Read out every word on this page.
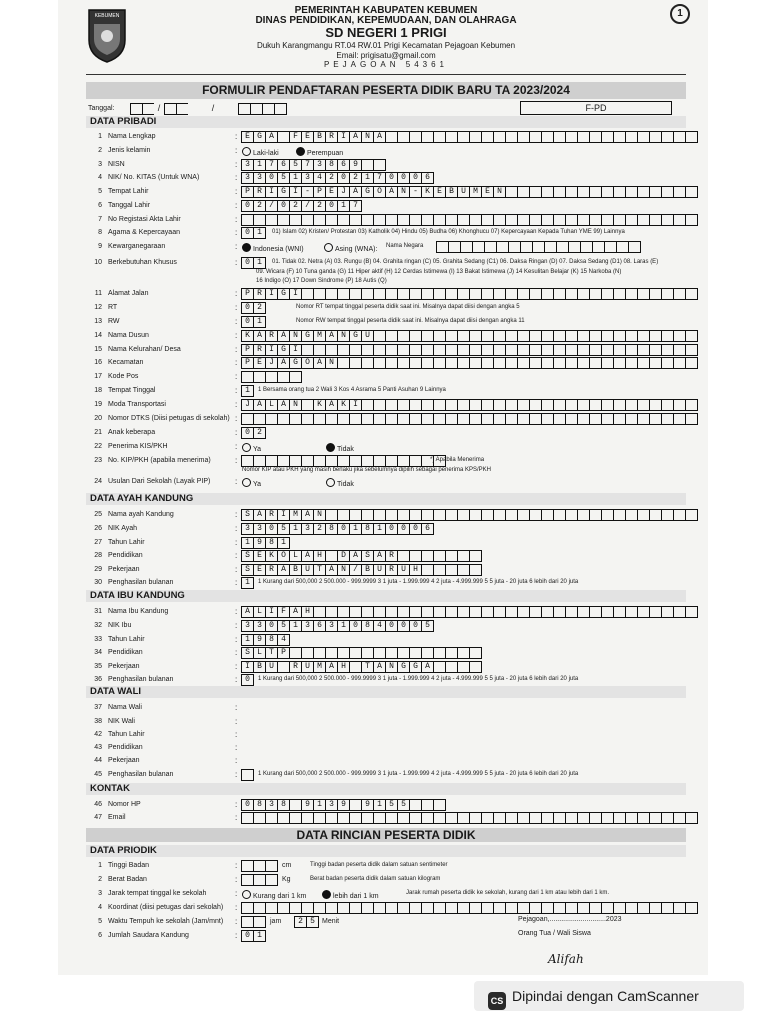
KEBUMEN	PEMERINTAH KABUPATEN KEBUMEN
DINAS PENDIDIKAN, KEPEMUDAAN, DAN OLAHRAGA
SD NEGERI 1 PRIGI
Dukuh Karangmangu RT.04 RW.01 Prigi Kecamatan Pejagoan Kebumen
Email: prigisatu@gmail.com
PEJAGOAN 54361
1
FORMULIR PENDAFTARAN PESERTA DIDIK BARU TA 2023/2024
Tanggal:	/	/	F-PD
DATA PRIBADI
1 Nama Lengkap	: E G A	F E B R I A N A
2 Jenis kelamin	:	Laki-laki	Perempuan
3 NISN	: 3 1 7 6 5 7 3 8 6 9
4 NIK/ No. KITAS (Untuk WNA)	: 3 3 0 5 1 3 4 2 0 2 1 7 0 0 0 6
5 Tempat Lahir	: P R I G I - P E J A G O A N - K E B U M E N
6 Tanggal Lahir	: 0 2 / 0 2 / 2 0 1 7
7 No Registasi Akta Lahir	:
8 Agama & Kepercayaan	: 0 1	01) Islam 02) Kristen/ Protestan 03) Katholik 04) Hindu 05) Budha 06) Khonghucu 07) Kepercayaan Kepada Tuhan YME 99) Lainnya
9 Kewarganegaraan	:	Indonesia (WNI)	Asing (WNA): Nama Negara
10 Berkebutuhan Khusus	: 0 1	01. Tidak 02. Netra (A) 03. Rungu (B) 04. Grahita ringan (C) 05. Grahita Sedang (C1) 06. Daksa Ringan (D) 07. Daksa Sedang (D1) 08. Laras (E)
09. Wicara (F) 10 Tuna ganda (G) 11 Hiper aktif (H) 12 Cerdas Istimewa (I) 13 Bakat Istimewa (J) 14 Kesulitan Belajar (K) 15 Narkoba (N)
16 Indigo (O) 17 Down Sindrome (P) 18 Autis (Q)
11 Alamat Jalan	: P R I G I
12 RT	: 0 2	Nomor RT tempat tinggal peserta didik saat ini. Misalnya dapat diisi dengan angka 5
13 RW	: 0 1	Nomor RW tempat tinggal peserta didik saat ini. Misalnya dapat diisi dengan angka 11
14 Nama Dusun	: K A R A N G M A N G U
15 Nama Kelurahan/ Desa	: P R I G I
16 Kecamatan	: P E J A G O A N
17 Kode Pos	:
18 Tempat Tinggal	: 1	1 Bersama orang tua 2 Wali 3 Kos 4 Asrama 5 Panti Asuhan 9 Lainnya
19 Moda Transportasi	: J A L A N	K A K I
20 Nomor DTKS (Diisi petugas di sekolah) :
21 Anak keberapa	: 0 2
22 Penerima KIS/PKH	:	Ya	Tidak
23 No. KIP/PKH (apabila menerima)	:	*) Apabila Menerima
Nomor KIP atau PKH yang masih berlaku jika sebelumnya dipilih sebagai penerima KPS/PKH
24 Usulan Dari Sekolah (Layak PIP)	:	Ya	Tidak
DATA AYAH KANDUNG
25 Nama ayah Kandung	: S A R I M A N
26 NIK Ayah	: 3 3 0 5 1 3 2 8 0 1 8 1 0 0 0 6
27 Tahun Lahir	: 1 9 8 1
28 Pendidikan	: S E K O L A H	D A S A R
29 Pekerjaan	: S E R A B U T A N / B U R U H
30 Penghasilan bulanan	: 1	1 Kurang dari 500,000 2 500.000 - 999.9999 3 1 juta - 1.999.999 4 2 juta - 4.999.999 5 5 juta - 20 juta 6 lebih dari 20 juta
DATA IBU KANDUNG
31 Nama Ibu Kandung	: A L I F A H
32 NIK Ibu	: 3 3 0 5 1 3 6 3 1 0 8 4 0 0 0 5
33 Tahun Lahir	: 1 9 8 4
34 Pendidikan	: S L T P
35 Pekerjaan	: I B U	R U M A H	T A N G G A
36 Penghasilan bulanan	: 0	1 Kurang dari 500,000 2 500.000 - 999.9999 3 1 juta - 1.999.999 4 2 juta - 4.999.999 5 5 juta - 20 juta 6 lebih dari 20 juta
DATA WALI
37 Nama Wali	:
38 NIK Wali	:
42 Tahun Lahir	:
43 Pendidikan	:
44 Pekerjaan	:
45 Penghasilan bulanan	:	1 Kurang dari 500,000 2 500.000 - 999.9999 3 1 juta - 1.999.999 4 2 juta - 4.999.999 5 5 juta - 20 juta 6 lebih dari 20 juta
KONTAK
46 Nomor HP	: 0 8 3 8	9 1 3 9	9 1 5 5
47 Email	:
DATA RINCIAN PESERTA DIDIK
DATA PRIODIK
1 Tinggi Badan	:	cm	Tinggi badan peserta didik dalam satuan sentimeter
2 Berat Badan	:	Kg	Berat badan peserta didik dalam satuan kilogram
3 Jarak tempat tinggal ke sekolah	:	Kurang dari 1 km	lebih dari 1 km	Jarak rumah peserta didik ke sekolah, kurang dari 1 km atau lebih dari 1 km.
4 Koordinat (diisi petugas dari sekolah) :
5 Waktu Tempuh ke sekolah (Jam/mnt) :	jam	2 5	Menit
6 Jumlah Saudara Kandung	: 0 1
Pejagoan,.............................2023
Orang Tua / Wali Siswa
Alifah
CS Dipindai dengan CamScanner
